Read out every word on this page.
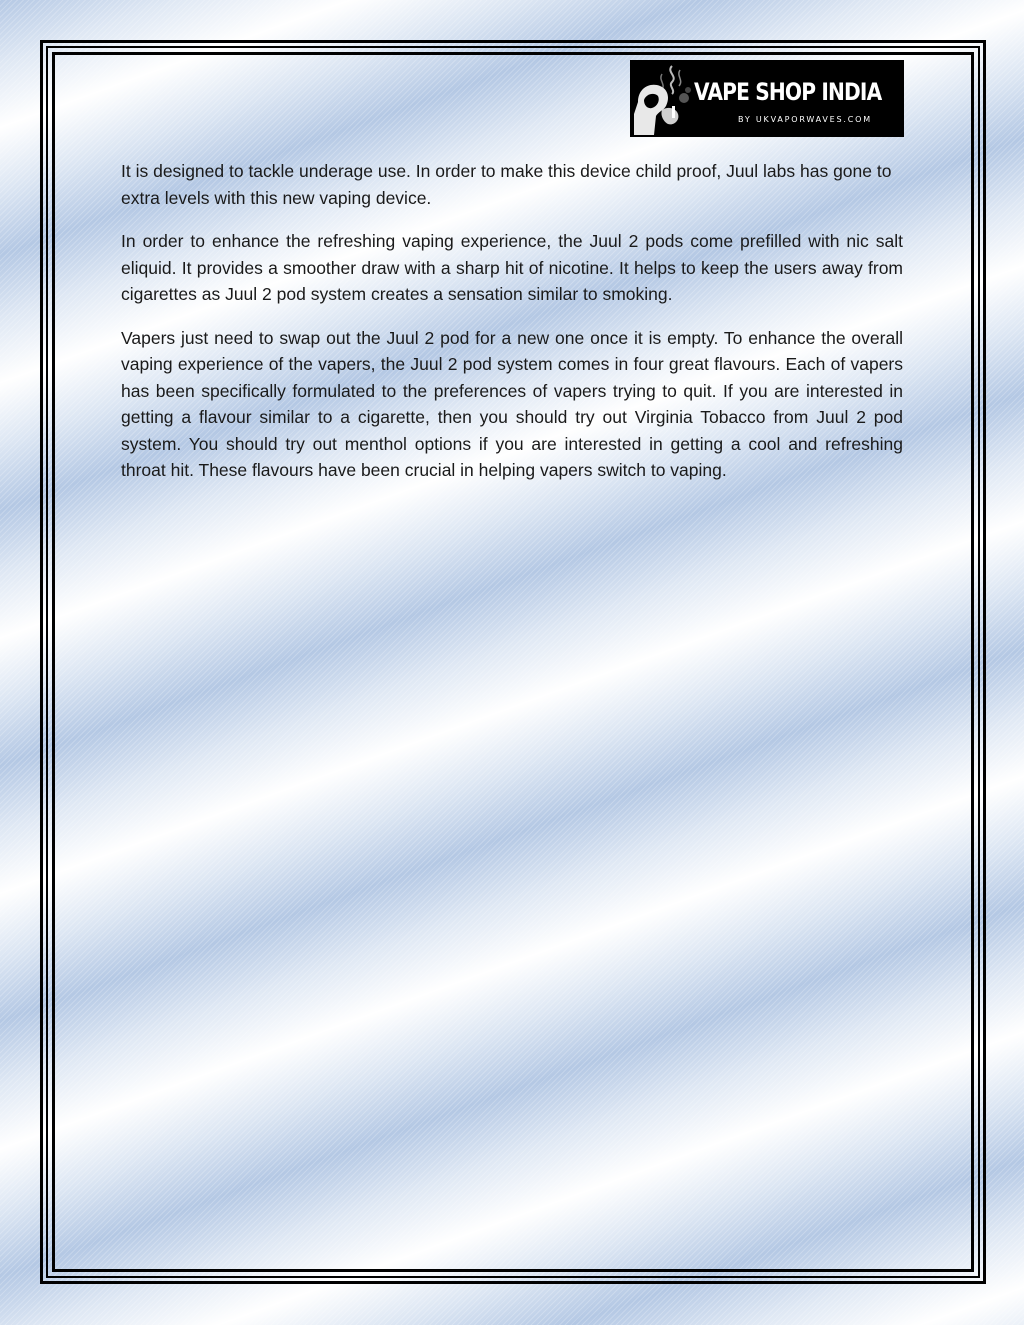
VAPE SHOP INDIA
BY UKVAPORWAVES.COM

It is designed to tackle underage use. In order to make this device child proof, Juul labs has gone to extra levels with this new vaping device.

In order to enhance the refreshing vaping experience, the Juul 2 pods come prefilled with nic salt eliquid. It provides a smoother draw with a sharp hit of nicotine. It helps to keep the users away from cigarettes as Juul 2 pod system creates a sensation similar to smoking.

Vapers just need to swap out the Juul 2 pod for a new one once it is empty. To enhance the overall vaping experience of the vapers, the Juul 2 pod system comes in four great flavours. Each of vapers has been specifically formulated to the preferences of vapers trying to quit. If you are interested in getting a flavour similar to a cigarette, then you should try out Virginia Tobacco from Juul 2 pod system. You should try out menthol options if you are interested in getting a cool and refreshing throat hit. These flavours have been crucial in helping vapers switch to vaping.
